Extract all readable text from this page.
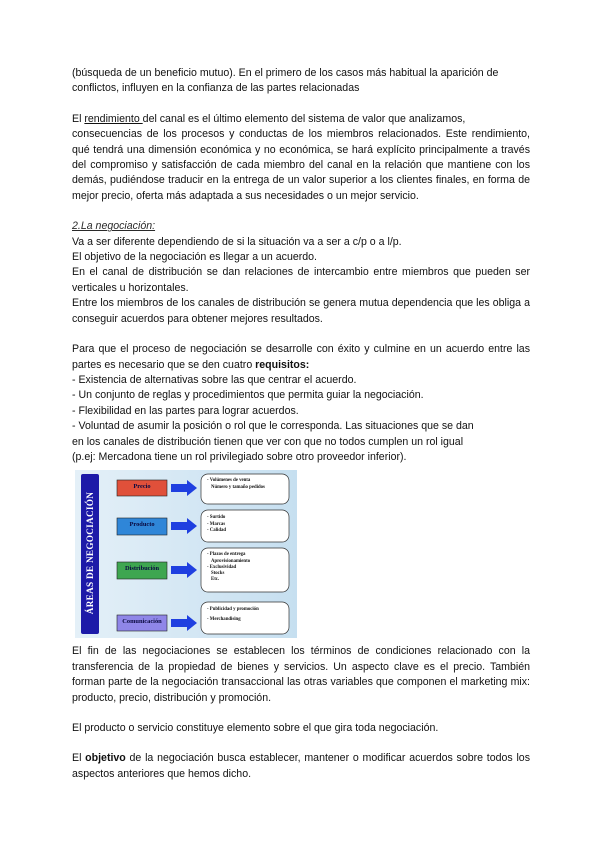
(búsqueda de un beneficio mutuo). En el primero de los casos más habitual la aparición de

conflictos, influyen en la confianza de las partes relacionadas

El rendimiento del canal es el último elemento del sistema de valor que analizamos,

consecuencias de los procesos y conductas de los miembros relacionados. Este rendimiento, qué tendrá una dimensión económica y no económica, se hará explícito principalmente a través del compromiso y satisfacción de cada miembro del canal en la relación que mantiene con los demás, pudiéndose traducir en la entrega de un valor superior a los clientes finales, en forma de mejor precio, oferta más adaptada a sus necesidades o un mejor servicio.

2.La negociación:

Va a ser diferente dependiendo de si la situación va a ser a c/p o a l/p.

El objetivo de la negociación es llegar a un acuerdo.

En el canal de distribución se dan relaciones de intercambio entre miembros que pueden ser verticales u horizontales.

Entre los miembros de los canales de distribución se genera mutua dependencia que les obliga a conseguir acuerdos para obtener mejores resultados.

Para que el proceso de negociación se desarrolle con éxito y culmine en un acuerdo entre las partes es necesario que se den cuatro requisitos:

- Existencia de alternativas sobre las que centrar el acuerdo.

- Un conjunto de reglas y procedimientos que permita guiar la negociación.

- Flexibilidad en las partes para lograr acuerdos.

- Voluntad de asumir la posición o rol que le corresponda. Las situaciones que se dan

en los canales de distribución tienen que ver con que no todos cumplen un rol igual

(p.ej: Mercadona tiene un rol privilegiado sobre otro proveedor inferior).

ÁREAS DE NEGOCIACIÓN
Precio
Producto
Distribución
Comunicación
- Volúmenes de venta
Número y tamaño pedidos
- Surtido
- Marcas
- Calidad
- Plazos de entrega
Aprovisionamiento
- Exclusividad
Stocks
Etc.
- Publicidad y promoción
- Merchandising

El fin de las negociaciones se establecen los términos de condiciones relacionado con la transferencia de la propiedad de bienes y servicios. Un aspecto clave es el precio. También forman parte de la negociación transaccional las otras variables que componen el marketing mix: producto, precio, distribución y promoción.

El producto o servicio constituye elemento sobre el que gira toda negociación.

El objetivo de la negociación busca establecer, mantener o modificar acuerdos sobre todos los aspectos anteriores que hemos dicho.
